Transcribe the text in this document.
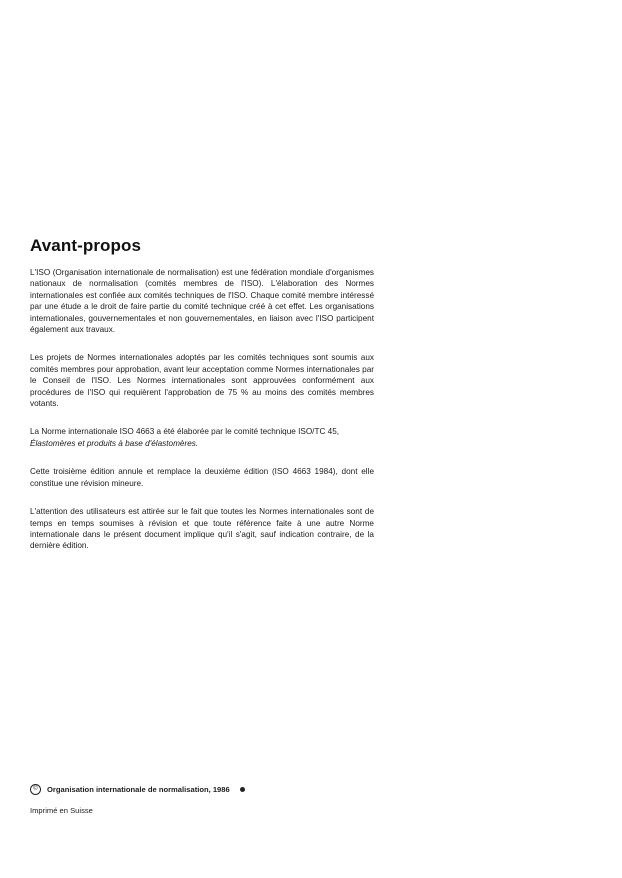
Avant-propos

L'ISO (Organisation internationale de normalisation) est une fédération mondiale d'organismes nationaux de normalisation (comités membres de l'ISO). L'élaboration des Normes internationales est confiée aux comités techniques de l'ISO. Chaque comité membre intéressé par une étude a le droit de faire partie du comité technique créé à cet effet. Les organisations internationales, gouvernementales et non gouvernementales, en liaison avec l'ISO participent également aux travaux.

Les projets de Normes internationales adoptés par les comités techniques sont soumis aux comités membres pour approbation, avant leur acceptation comme Normes internationales par le Conseil de l'ISO. Les Normes internationales sont approuvées conformément aux procédures de l'ISO qui requièrent l'approbation de 75 % au moins des comités membres votants.

La Norme internationale ISO 4663 a été élaborée par le comité technique ISO/TC 45,
Élastomères et produits à base d'élastomères.

Cette troisième édition annule et remplace la deuxième édition (ISO 4663 1984), dont elle constitue une révision mineure.

L'attention des utilisateurs est attirée sur le fait que toutes les Normes internationales sont de temps en temps soumises à révision et que toute référence faite à une autre Norme internationale dans le présent document implique qu'il s'agit, sauf indication contraire, de la dernière édition.

©	Organisation internationale de normalisation, 1986
Imprimé en Suisse
